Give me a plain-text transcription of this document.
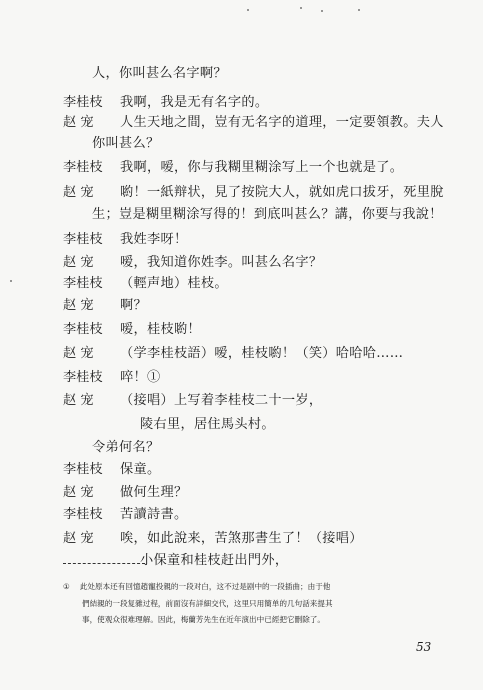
人，你叫甚么名字啊？
李桂枝 我啊，我是无有名字的。
赵 宠 人生天地之間，豈有无名字的道理，一定要領教。夫人
你叫甚么？
李桂枝 我啊，嗳，你与我糊里糊涂写上一个也就是了。
赵 宠 喲！一紙辩状，見了按院大人，就如虎口拔牙，死里脫
生；豈是糊里糊涂写得的！到底叫甚么？講，你要与我說！
李桂枝 我姓李呀！
赵 宠 嗳，我知道你姓李。叫甚么名字？
李桂枝 （輕声地）桂枝。
赵 宠 啊？
李桂枝 嗳，桂枝喲！
赵 宠 （学李桂枝語）嗳，桂枝喲！（笑）哈哈哈……
李桂枝 啐！①
赵 宠 （接唱）上写着李桂枝二十一岁，
陵右里，居住馬头村。
令弟何名？
李桂枝 保童。
赵 宠 做何生理？
李桂枝 苦讀詩書。
赵 宠 唉，如此說来，苦煞那書生了！（接唱）
小保童和桂枝赶出門外，
① 此处原本还有回憶趙寵投親的一段对白，这不过是剧中的一段插曲；由于他
們結親的一段复雜过程，前面沒有詳細交代，这里只用簡单的几句話来提其
事，使观众很难理解。因此，梅蘭芳先生在近年演出中已經把它刪除了。
53
